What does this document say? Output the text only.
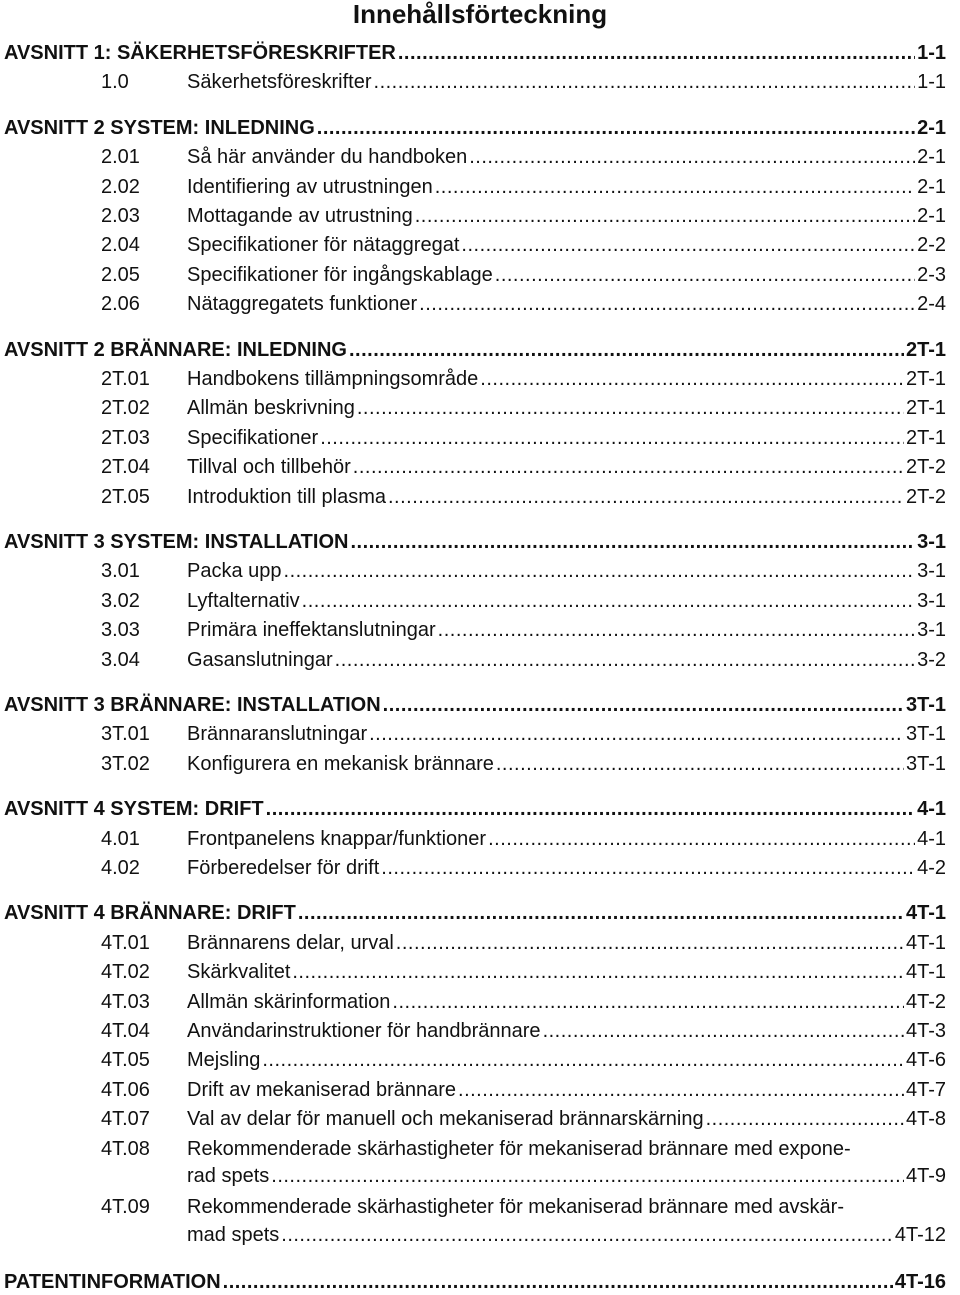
Innehållsförteckning
AVSNITT 1: SÄKERHETSFÖRESKRIFTER .....	1-1
1.0	Säkerhetsföreskrifter .....	1-1
AVSNITT 2 SYSTEM: INLEDNING .....	2-1
2.01	Så här använder du handboken .....	2-1
2.02	Identifiering av utrustningen .....	2-1
2.03	Mottagande av utrustning .....	2-1
2.04	Specifikationer för nätaggregat .....	2-2
2.05	Specifikationer för ingångskablage .....	2-3
2.06	Nätaggregatets funktioner .....	2-4
AVSNITT 2 BRÄNNARE: INLEDNING .....	2T-1
2T.01	Handbokens tillämpningsområde .....	2T-1
2T.02	Allmän beskrivning .....	2T-1
2T.03	Specifikationer .....	2T-1
2T.04	Tillval och tillbehör .....	2T-2
2T.05	Introduktion till plasma .....	2T-2
AVSNITT 3 SYSTEM: INSTALLATION .....	3-1
3.01	Packa upp .....	3-1
3.02	Lyftalternativ .....	3-1
3.03	Primära ineffektanslutningar .....	3-1
3.04	Gasanslutningar .....	3-2
AVSNITT 3 BRÄNNARE: INSTALLATION .....	3T-1
3T.01	Brännaranslutningar .....	3T-1
3T.02	Konfigurera en mekanisk brännare .....	3T-1
AVSNITT 4 SYSTEM: DRIFT .....	4-1
4.01	Frontpanelens knappar/funktioner .....	4-1
4.02	Förberedelser för drift .....	4-2
AVSNITT 4 BRÄNNARE: DRIFT .....	4T-1
4T.01	Brännarens delar, urval .....	4T-1
4T.02	Skärkvalitet .....	4T-1
4T.03	Allmän skärinformation .....	4T-2
4T.04	Användarinstruktioner för handbrännare .....	4T-3
4T.05	Mejsling .....	4T-6
4T.06	Drift av mekaniserad brännare .....	4T-7
4T.07	Val av delar för manuell och mekaniserad brännarskärning .....	4T-8
4T.08	Rekommenderade skärhastigheter för mekaniserad brännare med expone-
rad spets .....	4T-9
4T.09	Rekommenderade skärhastigheter för mekaniserad brännare med avskär-
mad spets .....	4T-12
PATENTINFORMATION .....	4T-16
